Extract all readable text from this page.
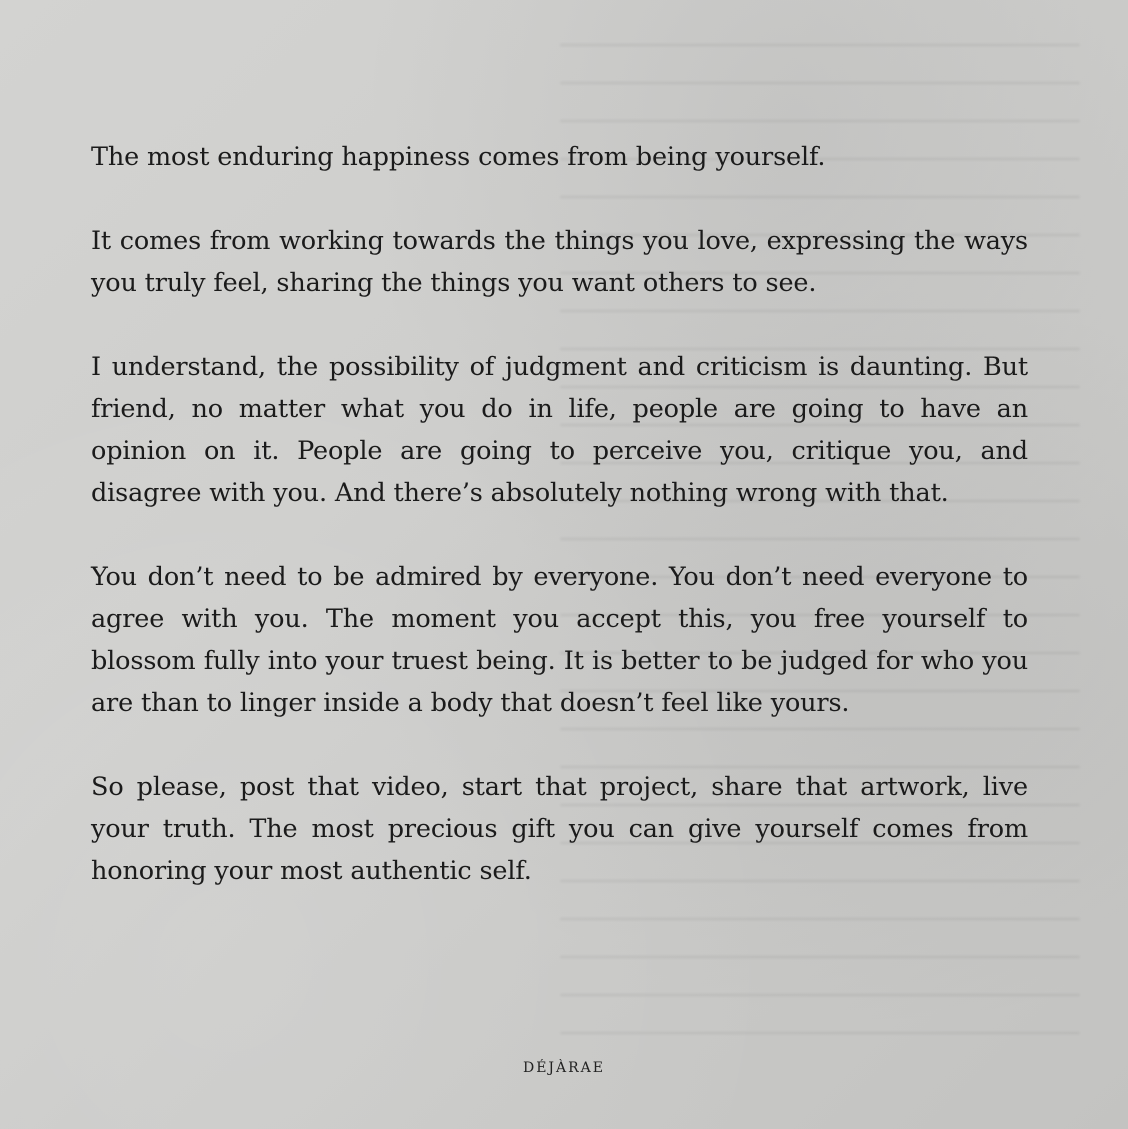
The most enduring happiness comes from being yourself.

It comes from working towards the things you love, expressing the ways you truly feel, sharing the things you want others to see.

I understand, the possibility of judgment and criticism is daunting. But friend, no matter what you do in life, people are going to have an opinion on it. People are going to perceive you, critique you, and disagree with you. And there’s absolutely nothing wrong with that.

You don’t need to be admired by everyone. You don’t need everyone to agree with you. The moment you accept this, you free yourself to blossom fully into your truest being. It is better to be judged for who you are than to linger inside a body that doesn’t feel like yours.

So please, post that video, start that project, share that artwork, live your truth. The most precious gift you can give yourself comes from honoring your most authentic self.

DÉJÀRAE
